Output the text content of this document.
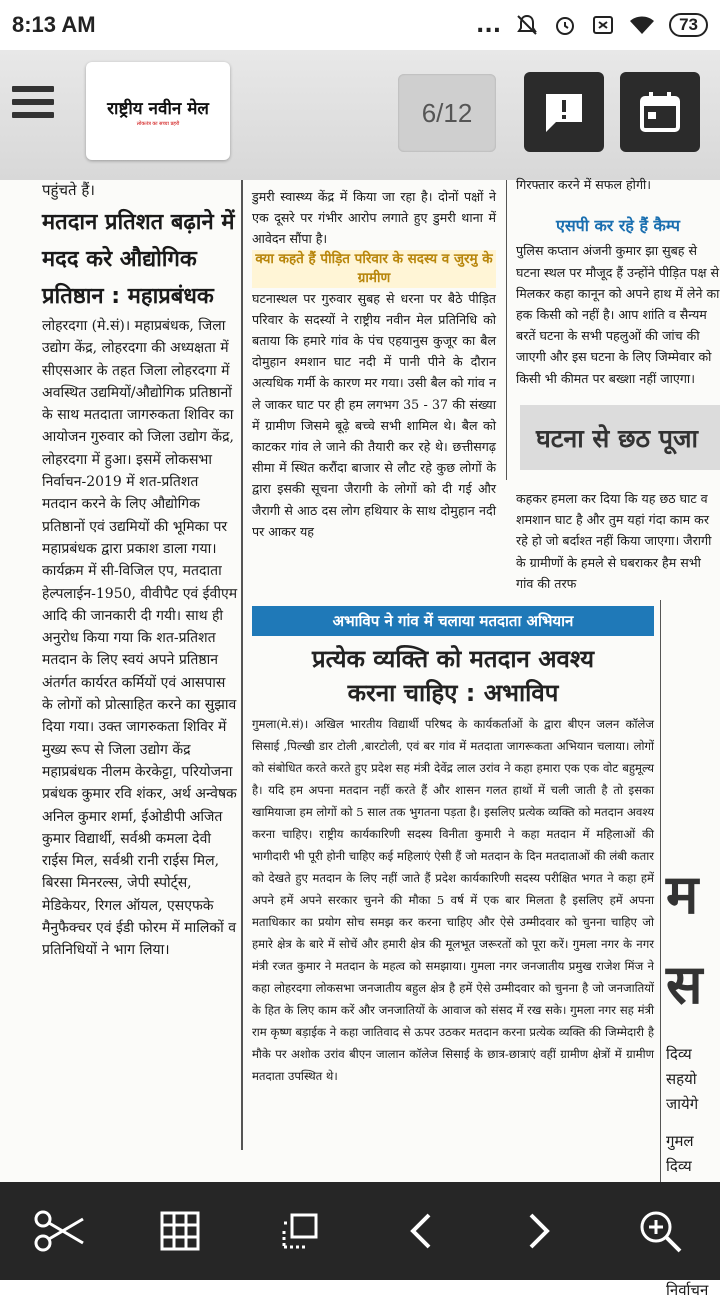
8:13 AM	...	73
राष्ट्रीय नवीन मेल
लोकतंत्र का सच्चा प्रहरी	6/12
पहुंचते हैं।
मतदान प्रतिशत बढ़ाने में मदद करे औद्योगिक प्रतिष्ठान : महाप्रबंधक

लोहरदगा (मे.सं)। महाप्रबंधक, जिला उद्योग केंद्र, लोहरदगा की अध्यक्षता में सीएसआर के तहत जिला लोहरदगा में अवस्थित उद्यमियों/औद्योगिक प्रतिष्ठानों के साथ मतदाता जागरुकता शिविर का आयोजन गुरुवार को जिला उद्योग केंद्र, लोहरदगा में हुआ। इसमें लोकसभा निर्वाचन-2019 में शत-प्रतिशत मतदान करने के लिए औद्योगिक प्रतिष्ठानों एवं उद्यमियों की भूमिका पर महाप्रबंधक द्वारा प्रकाश डाला गया। कार्यक्रम में सी-विजिल एप, मतदाता हेल्पलाईन-1950, वीवीपैट एवं ईवीएम आदि की जानकारी दी गयी। साथ ही अनुरोध किया गया कि शत-प्रतिशत मतदान के लिए स्वयं अपने प्रतिष्ठान अंतर्गत कार्यरत कर्मियों एवं आसपास के लोगों को प्रोत्साहित करने का सुझाव दिया गया। उक्त जागरुकता शिविर में मुख्य रूप से जिला उद्योग केंद्र महाप्रबंधक नीलम केरकेट्टा, परियोजना प्रबंधक कुमार रवि शंकर, अर्थ अन्वेषक अनिल कुमार शर्मा, ईओडीपी अजित कुमार विद्यार्थी, सर्वश्री कमला देवी राईस मिल, सर्वश्री रानी राईस मिल, बिरसा मिनरल्स, जेपी स्पोर्ट्स, मेडिकेयर, रिगल ऑयल, एसएफके मैनुफैक्चर एवं ईडी फोरम में मालिकों व प्रतिनिधियों ने भाग लिया।

डुमरी स्वास्थ्य केंद्र में किया जा रहा है। दोनों पक्षों ने एक दूसरे पर गंभीर आरोप लगाते हुए डुमरी थाना में आवेदन सौंपा है।
क्या कहते हैं पीड़ित परिवार के सदस्य व जुरमु के ग्रामीण
घटनास्थल पर गुरुवार सुबह से धरना पर बैठे पीड़ित परिवार के सदस्यों ने राष्ट्रीय नवीन मेल प्रतिनिधि को बताया कि हमारे गांव के पंच एहयानुस कुजूर का बैल दोमुहान श्मशान घाट नदी में पानी पीने के दौरान अत्यधिक गर्मी के कारण मर गया। उसी बैल को गांव न ले जाकर घाट पर ही हम लगभग 35 - 37 की संख्या में ग्रामीण जिसमे बूढ़े बच्चे सभी शामिल थे। बैल को काटकर गांव ले जाने की तैयारी कर रहे थे। छत्तीसगढ़ सीमा में स्थित करौंदा बाजार से लौट रहे कुछ लोगों के द्वारा इसकी सूचना जैरागी के लोगों को दी गई और जैरागी से आठ दस लोग हथियार के साथ दोमुहान नदी पर आकर यह
गिरफ्तार करने में सफल होगी।
एसपी कर रहे हैं कैम्प
पुलिस कप्तान अंजनी कुमार झा सुबह से घटना स्थल पर मौजूद हैं उन्होंने पीड़ित पक्ष से मिलकर कहा कानून को अपने हाथ में लेने का हक किसी को नहीं है। आप शांति व सैन्यम बरतें घटना के सभी पहलुओं की जांच की जाएगी और इस घटना के लिए जिम्मेवार को किसी भी कीमत पर बख्शा नहीं जाएगा।
कहकर हमला कर दिया कि यह छठ घाट व शमशान घाट है और तुम यहां गंदा काम कर रहे हो जो बर्दाश्त नहीं किया जाएगा। जैरागी के ग्रामीणों के हमले से घबराकर हैम सभी गांव की तरफ
घटना से छठ पूजा
अभाविप ने गांव में चलाया मतदाता अभियान
प्रत्येक व्यक्ति को मतदान अवश्य
करना चाहिए : अभाविप
गुमला(मे.सं)। अखिल भारतीय विद्यार्थी परिषद के कार्यकर्ताओं के द्वारा बीएन जलन कॉलेज सिसाई ,पिल्खी डार टोली ,बारटोली, एवं बर गांव में मतदाता जागरूकता अभियान चलाया। लोगों को संबोधित करते करते हुए प्रदेश सह मंत्री देवेंद्र लाल उरांव ने कहा हमारा एक एक वोट बहुमूल्य है। यदि हम अपना मतदान नहीं करते हैं और शासन गलत हाथों में चली जाती है तो इसका खामियाजा हम लोगों को 5 साल तक भुगतना पड़ता है। इसलिए प्रत्येक व्यक्ति को मतदान अवश्य करना चाहिए। राष्ट्रीय कार्यकारिणी सदस्य विनीता कुमारी ने कहा मतदान में महिलाओं की भागीदारी भी पूरी होनी चाहिए कई महिलाएं ऐसी हैं जो मतदान के दिन मतदाताओं की लंबी कतार को देखते हुए मतदान के लिए नहीं जाते हैं प्रदेश कार्यकारिणी सदस्य परीक्षित भगत ने कहा हमें अपने हमें अपने सरकार चुनने की मौका 5 वर्ष में एक बार मिलता है इसलिए हमें अपना मताधिकार का प्रयोग सोच समझ कर करना चाहिए और ऐसे उम्मीदवार को चुनना चाहिए जो हमारे क्षेत्र के बारे में सोचें और हमारी क्षेत्र की मूलभूत जरूरतों को पूरा करें। गुमला नगर के नगर मंत्री रजत कुमार ने मतदान के महत्व को समझाया। गुमला नगर जनजातीय प्रमुख राजेश मिंज ने कहा लोहरदगा लोकसभा जनजातीय बहुल क्षेत्र है हमें ऐसे उम्मीदवार को चुनना है जो जनजातियों के हित के लिए काम करें और जनजातियों के आवाज को संसद में रख सके। गुमला नगर सह मंत्री राम कृष्ण बड़ाईक ने कहा जातिवाद से ऊपर उठकर मतदान करना प्रत्येक व्यक्ति की जिम्मेदारी है मौके पर अशोक उरांव बीएन जालान कॉलेज सिसाई के छात्र-छात्राएं वहीं ग्रामीण क्षेत्रों में ग्रामीण मतदाता उपस्थित थे।
म
स
दिव्य सहयो जायेगे
गुमल दिव्य
निर्वाचन
